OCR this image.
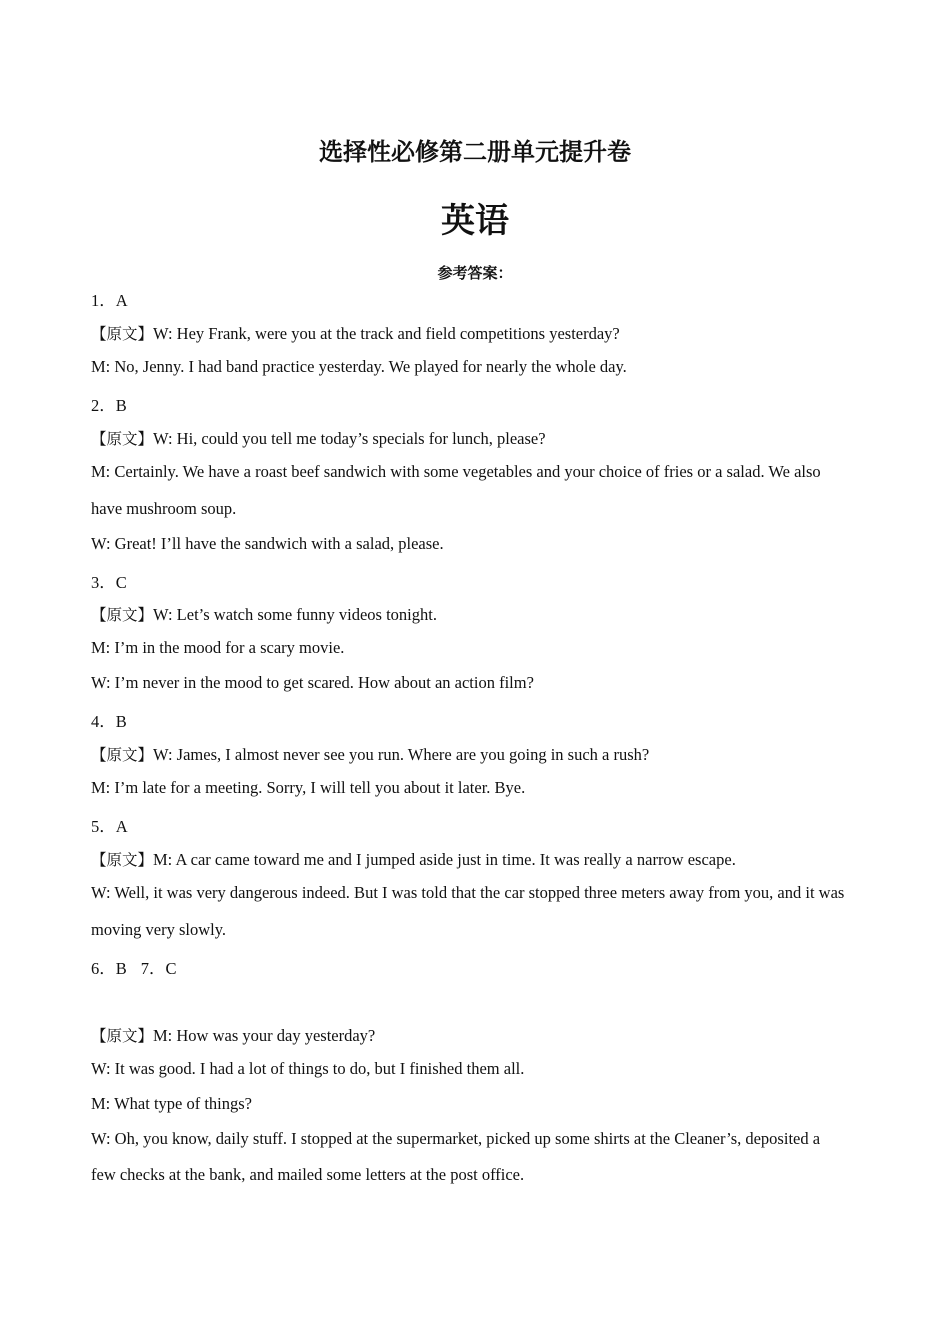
选择性必修第二册单元提升卷
英语
参考答案：
1．A
【原文】W: Hey Frank, were you at the track and field competitions yesterday?
M: No, Jenny. I had band practice yesterday. We played for nearly the whole day.
2．B
【原文】W: Hi, could you tell me today’s specials for lunch, please?
M: Certainly. We have a roast beef sandwich with some vegetables and your choice of fries or a salad. We also
have mushroom soup.
W: Great! I’ll have the sandwich with a salad, please.
3．C
【原文】W: Let’s watch some funny videos tonight.
M: I’m in the mood for a scary movie.
W: I’m never in the mood to get scared. How about an action film?
4．B
【原文】W: James, I almost never see you run. Where are you going in such a rush?
M: I’m late for a meeting. Sorry, I will tell you about it later. Bye.
5．A
【原文】M: A car came toward me and I jumped aside just in time. It was really a narrow escape.
W: Well, it was very dangerous indeed. But I was told that the car stopped three meters away from you, and it was
moving very slowly.
6．B 7．C
【原文】M: How was your day yesterday?
W: It was good. I had a lot of things to do, but I finished them all.
M: What type of things?
W: Oh, you know, daily stuff. I stopped at the supermarket, picked up some shirts at the Cleaner’s, deposited a
few checks at the bank, and mailed some letters at the post office.
